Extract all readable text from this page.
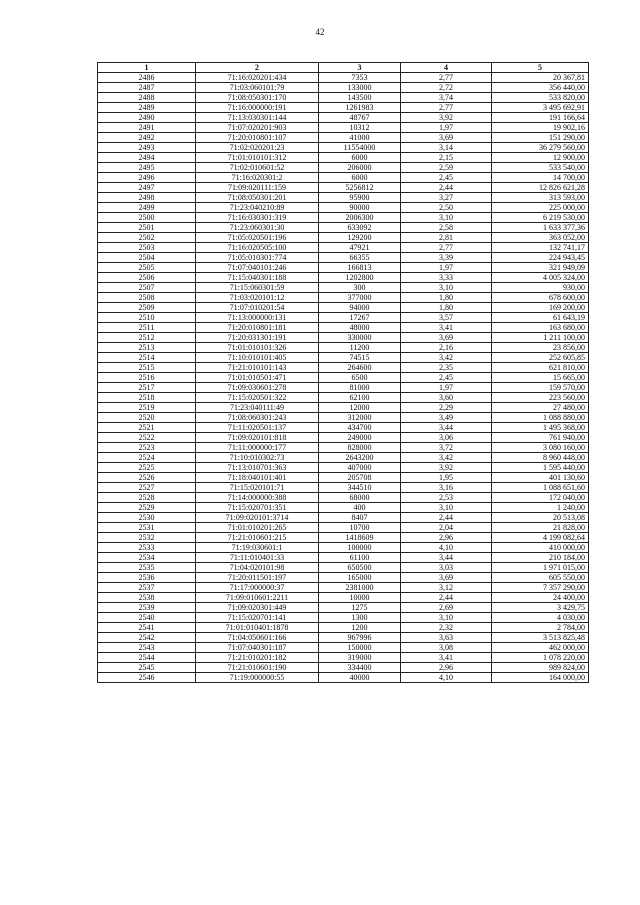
42
1	2	3	4	5
2486	71:16:020201:434	7353	2,77	20 367,81
2487	71:03:060101:79	133000	2,72	356 440,00
2488	71:08:050301:170	143500	3,74	533 820,00
2489	71:16:000000:191	1261983	2,77	3 495 692,91
2490	71:13:030301:144	48767	3,92	191 166,64
2491	71:07:020201:903	10312	1,97	19 902,16
2492	71:20:010801:107	41000	3,69	151 290,00
2493	71:02:020201:23	11554000	3,14	36 279 560,00
2494	71:01:010101:312	6000	2,15	12 900,00
2495	71:02:010601:52	206000	2,59	533 540,00
2496	71:16:020301:2	6000	2,45	14 700,00
2497	71:09:020111:159	5256812	2,44	12 826 621,28
2498	71:08:050301:201	95900	3,27	313 593,00
2499	71:23:040210:89	90000	2,50	225 000,00
2500	71:16:030301:319	2006300	3,10	6 219 530,00
2501	71:23:060301:30	633092	2,58	1 633 377,36
2502	71:05:020501:196	129200	2,81	363 052,00
2503	71:16:020505:100	47921	2,77	132 741,17
2504	71:05:010301:774	66355	3,39	224 943,45
2505	71:07:040101:246	166813	1,97	321 949,09
2506	71:15:040301:188	1202800	3,33	4 005 324,00
2507	71:15:060301:59	300	3,10	930,00
2508	71:03:020101:12	377000	1,80	678 600,00
2509	71:07:010201:54	94000	1,80	169 200,00
2510	71:13:000000:131	17267	3,57	61 643,19
2511	71:20:010801:181	48000	3,41	163 680,00
2512	71:20:031301:191	330000	3,69	1 211 100,00
2513	71:01:010101:326	11200	2,16	23 856,00
2514	71:10:010101:405	74515	3,42	252 605,85
2515	71:21:010101:143	264600	2,35	621 810,00
2516	71:01:010501:471	6500	2,45	15 665,00
2517	71:09:030601:278	81000	1,97	159 570,00
2518	71:15:020501:322	62100	3,60	223 560,00
2519	71:23:040111:49	12000	2,29	27 480,00
2520	71:08:060301:243	312000	3,49	1 088 880,00
2521	71:11:020501:137	434700	3,44	1 495 368,00
2522	71:09:020101:818	249000	3,06	761 940,00
2523	71:11:000000:177	828000	3,72	3 080 160,00
2524	71:10:010302:73	2643200	3,42	8 960 448,00
2525	71:13:010701:363	407000	3,92	1 595 440,00
2526	71:18:040101:401	205708	1,95	401 130,60
2527	71:15:020101:71	344510	3,16	1 088 651,60
2528	71:14:000000:388	68000	2,53	172 040,00
2529	71:15:020701:351	400	3,10	1 240,00
2530	71:09:020101:3714	8407	2,44	20 513,08
2531	71:01:010201:265	10700	2,04	21 828,00
2532	71:21:010601:215	1418609	2,96	4 199 082,64
2533	71:19:030601:1	100000	4,10	410 000,00
2534	71:11:010401:33	61100	3,44	210 184,00
2535	71:04:020101:98	650500	3,03	1 971 015,00
2536	71:20:011501:197	165000	3,69	605 550,00
2537	71:17:000000:37	2381000	3,12	7 357 290,00
2538	71:09:010601:2211	10000	2,44	24 400,00
2539	71:09:020301:449	1275	2,69	3 429,75
2540	71:15:020701:141	1300	3,10	4 030,00
2541	71:01:010401:1878	1200	2,32	2 784,00
2542	71:04:050601:166	967996	3,63	3 513 825,48
2543	71:07:040301:187	150000	3,08	462 000,00
2544	71:21:010201:182	319000	3,41	1 078 220,00
2545	71:21:010601:190	334400	2,96	989 824,00
2546	71:19:000000:55	40000	4,10	164 000,00
